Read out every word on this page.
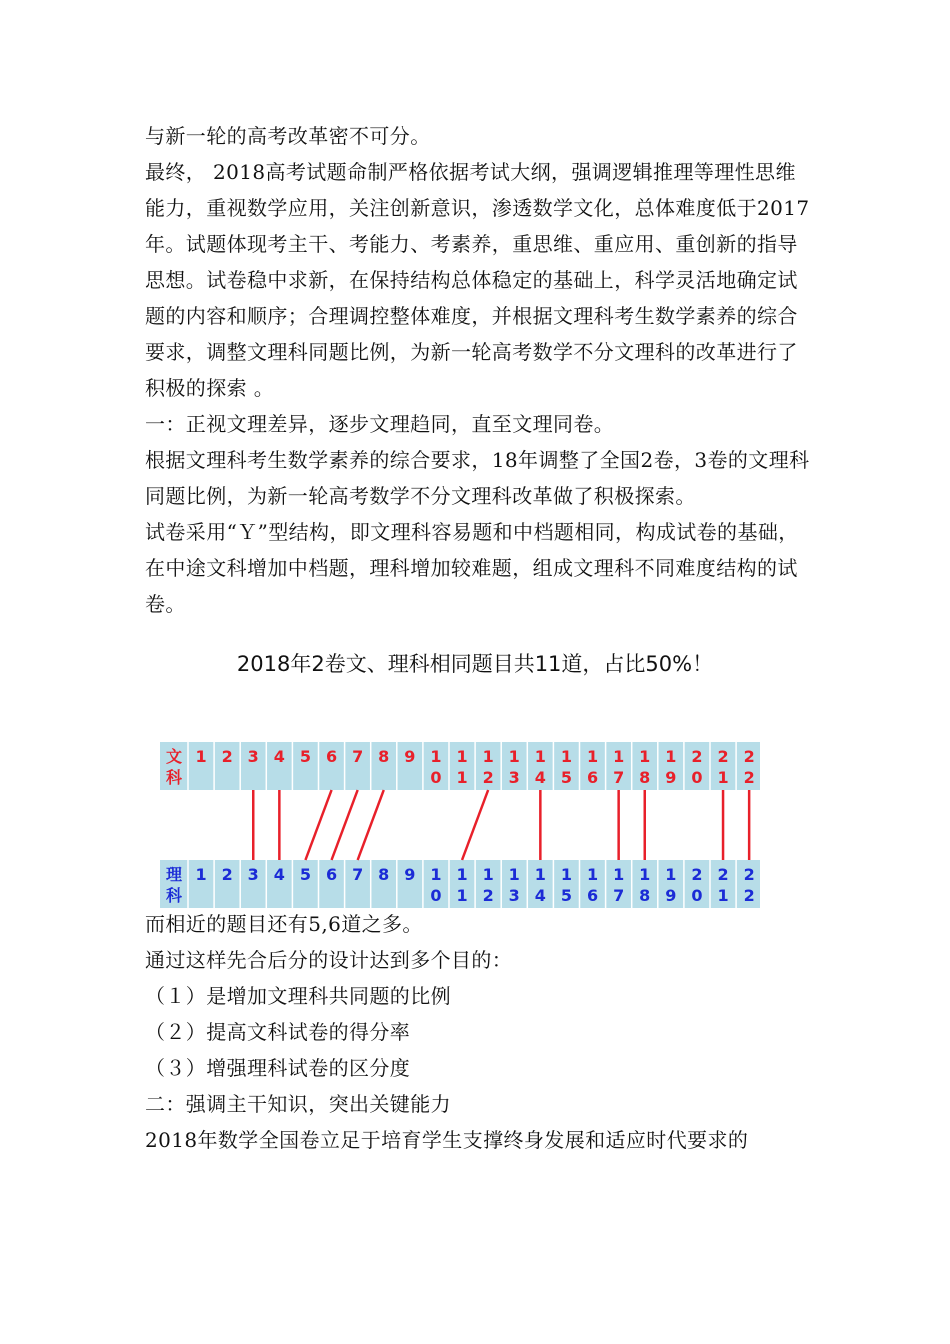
与新一轮的高考改革密不可分。
最终， 2018高考试题命制严格依据考试大纲，强调逻辑推理等理性思维能力，重视数学应用，关注创新意识，渗透数学文化，总体难度低于2017年。试题体现考主干、考能力、考素养，重思维、重应用、重创新的指导思想。试卷稳中求新，在保持结构总体稳定的基础上，科学灵活地确定试题的内容和顺序；合理调控整体难度，并根据文理科考生数学素养的综合要求，调整文理科同题比例，为新一轮高考数学不分文理科的改革进行了积极的探索 。
一：正视文理差异，逐步文理趋同，直至文理同卷。
根据文理科考生数学素养的综合要求，18年调整了全国2卷，3卷的文理科同题比例，为新一轮高考数学不分文理科改革做了积极探索。
试卷采用“Ｙ”型结构，即文理科容易题和中档题相同，构成试卷的基础，在中途文科增加中档题，理科增加较难题，组成文理科不同难度结构的试卷。
2018年2卷文、理科相同题目共11道，占比50%！
文
科
1 2 3 4 5 6 7 8 9 1
0
1
1
1
2
1
3
1
4
1
5
1
6
1
7
1
8
1
9
2
0
2
1
2
2
理
科
1 2 3 4 5 6 7 8 9 1
0
1
1
1
2
1
3
1
4
1
5
1
6
1
7
1
8
1
9
2
0
2
1
2
2
而相近的题目还有5,6道之多。
通过这样先合后分的设计达到多个目的：
（１）是增加文理科共同题的比例
（２）提高文科试卷的得分率
（３）增强理科试卷的区分度
二：强调主干知识，突出关键能力
2018年数学全国卷立足于培育学生支撑终身发展和适应时代要求的
